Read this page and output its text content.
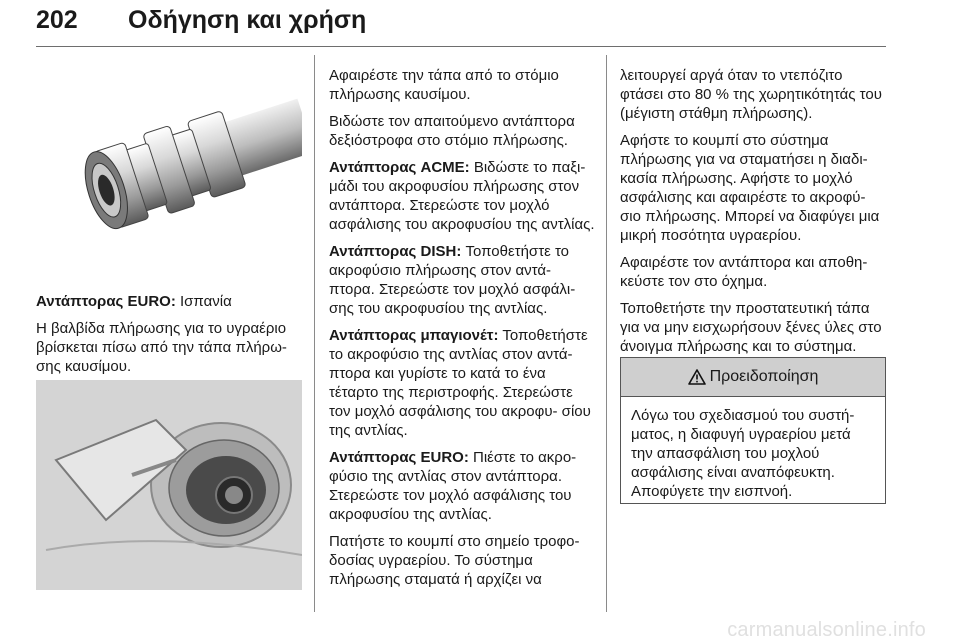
202 Οδήγηση και χρήση

Αντάπτορας EURO: Ισπανία

Η βαλβίδα πλήρωσης για το υγραέριο βρίσκεται πίσω από την τάπα πλήρω- σης καυσίμου.

Αφαιρέστε την τάπα από το στόμιο πλήρωσης καυσίμου.

Βιδώστε τον απαιτούμενο αντάπτορα δεξιόστροφα στο στόμιο πλήρωσης.

Αντάπτορας ACME: Βιδώστε το παξι- μάδι του ακροφυσίου πλήρωσης στον αντάπτορα. Στερεώστε τον μοχλό ασφάλισης του ακροφυσίου της αντλίας.

Αντάπτορας DISH: Τοποθετήστε το ακροφύσιο πλήρωσης στον αντά- πτορα. Στερεώστε τον μοχλό ασφάλι- σης του ακροφυσίου της αντλίας.

Αντάπτορας μπαγιονέτ: Τοποθετήστε το ακροφύσιο της αντλίας στον αντά- πτορα και γυρίστε το κατά το ένα τέταρτο της περιστροφής. Στερεώστε τον μοχλό ασφάλισης του ακροφυ- σίου της αντλίας.

Αντάπτορας EURO: Πιέστε το ακρο- φύσιο της αντλίας στον αντάπτορα. Στερεώστε τον μοχλό ασφάλισης του ακροφυσίου της αντλίας.

Πατήστε το κουμπί στο σημείο τροφο- δοσίας υγραερίου. Το σύστημα πλήρωσης σταματά ή αρχίζει να

λειτουργεί αργά όταν το ντεπόζιτο φτάσει στο 80 % της χωρητικότητάς του (μέγιστη στάθμη πλήρωσης).

Αφήστε το κουμπί στο σύστημα πλήρωσης για να σταματήσει η διαδι- κασία πλήρωσης. Αφήστε το μοχλό ασφάλισης και αφαιρέστε το ακροφύ- σιο πλήρωσης. Μπορεί να διαφύγει μια μικρή ποσότητα υγραερίου.

Αφαιρέστε τον αντάπτορα και αποθη- κεύστε τον στο όχημα.

Τοποθετήστε την προστατευτική τάπα για να μην εισχωρήσουν ξένες ύλες στο άνοιγμα πλήρωσης και το σύστημα.

Προειδοποίηση
Λόγω του σχεδιασμού του συστή- ματος, η διαφυγή υγραερίου μετά την απασφάλιση του μοχλού ασφάλισης είναι αναπόφευκτη. Αποφύγετε την εισπνοή.
carmanualsonline.info
